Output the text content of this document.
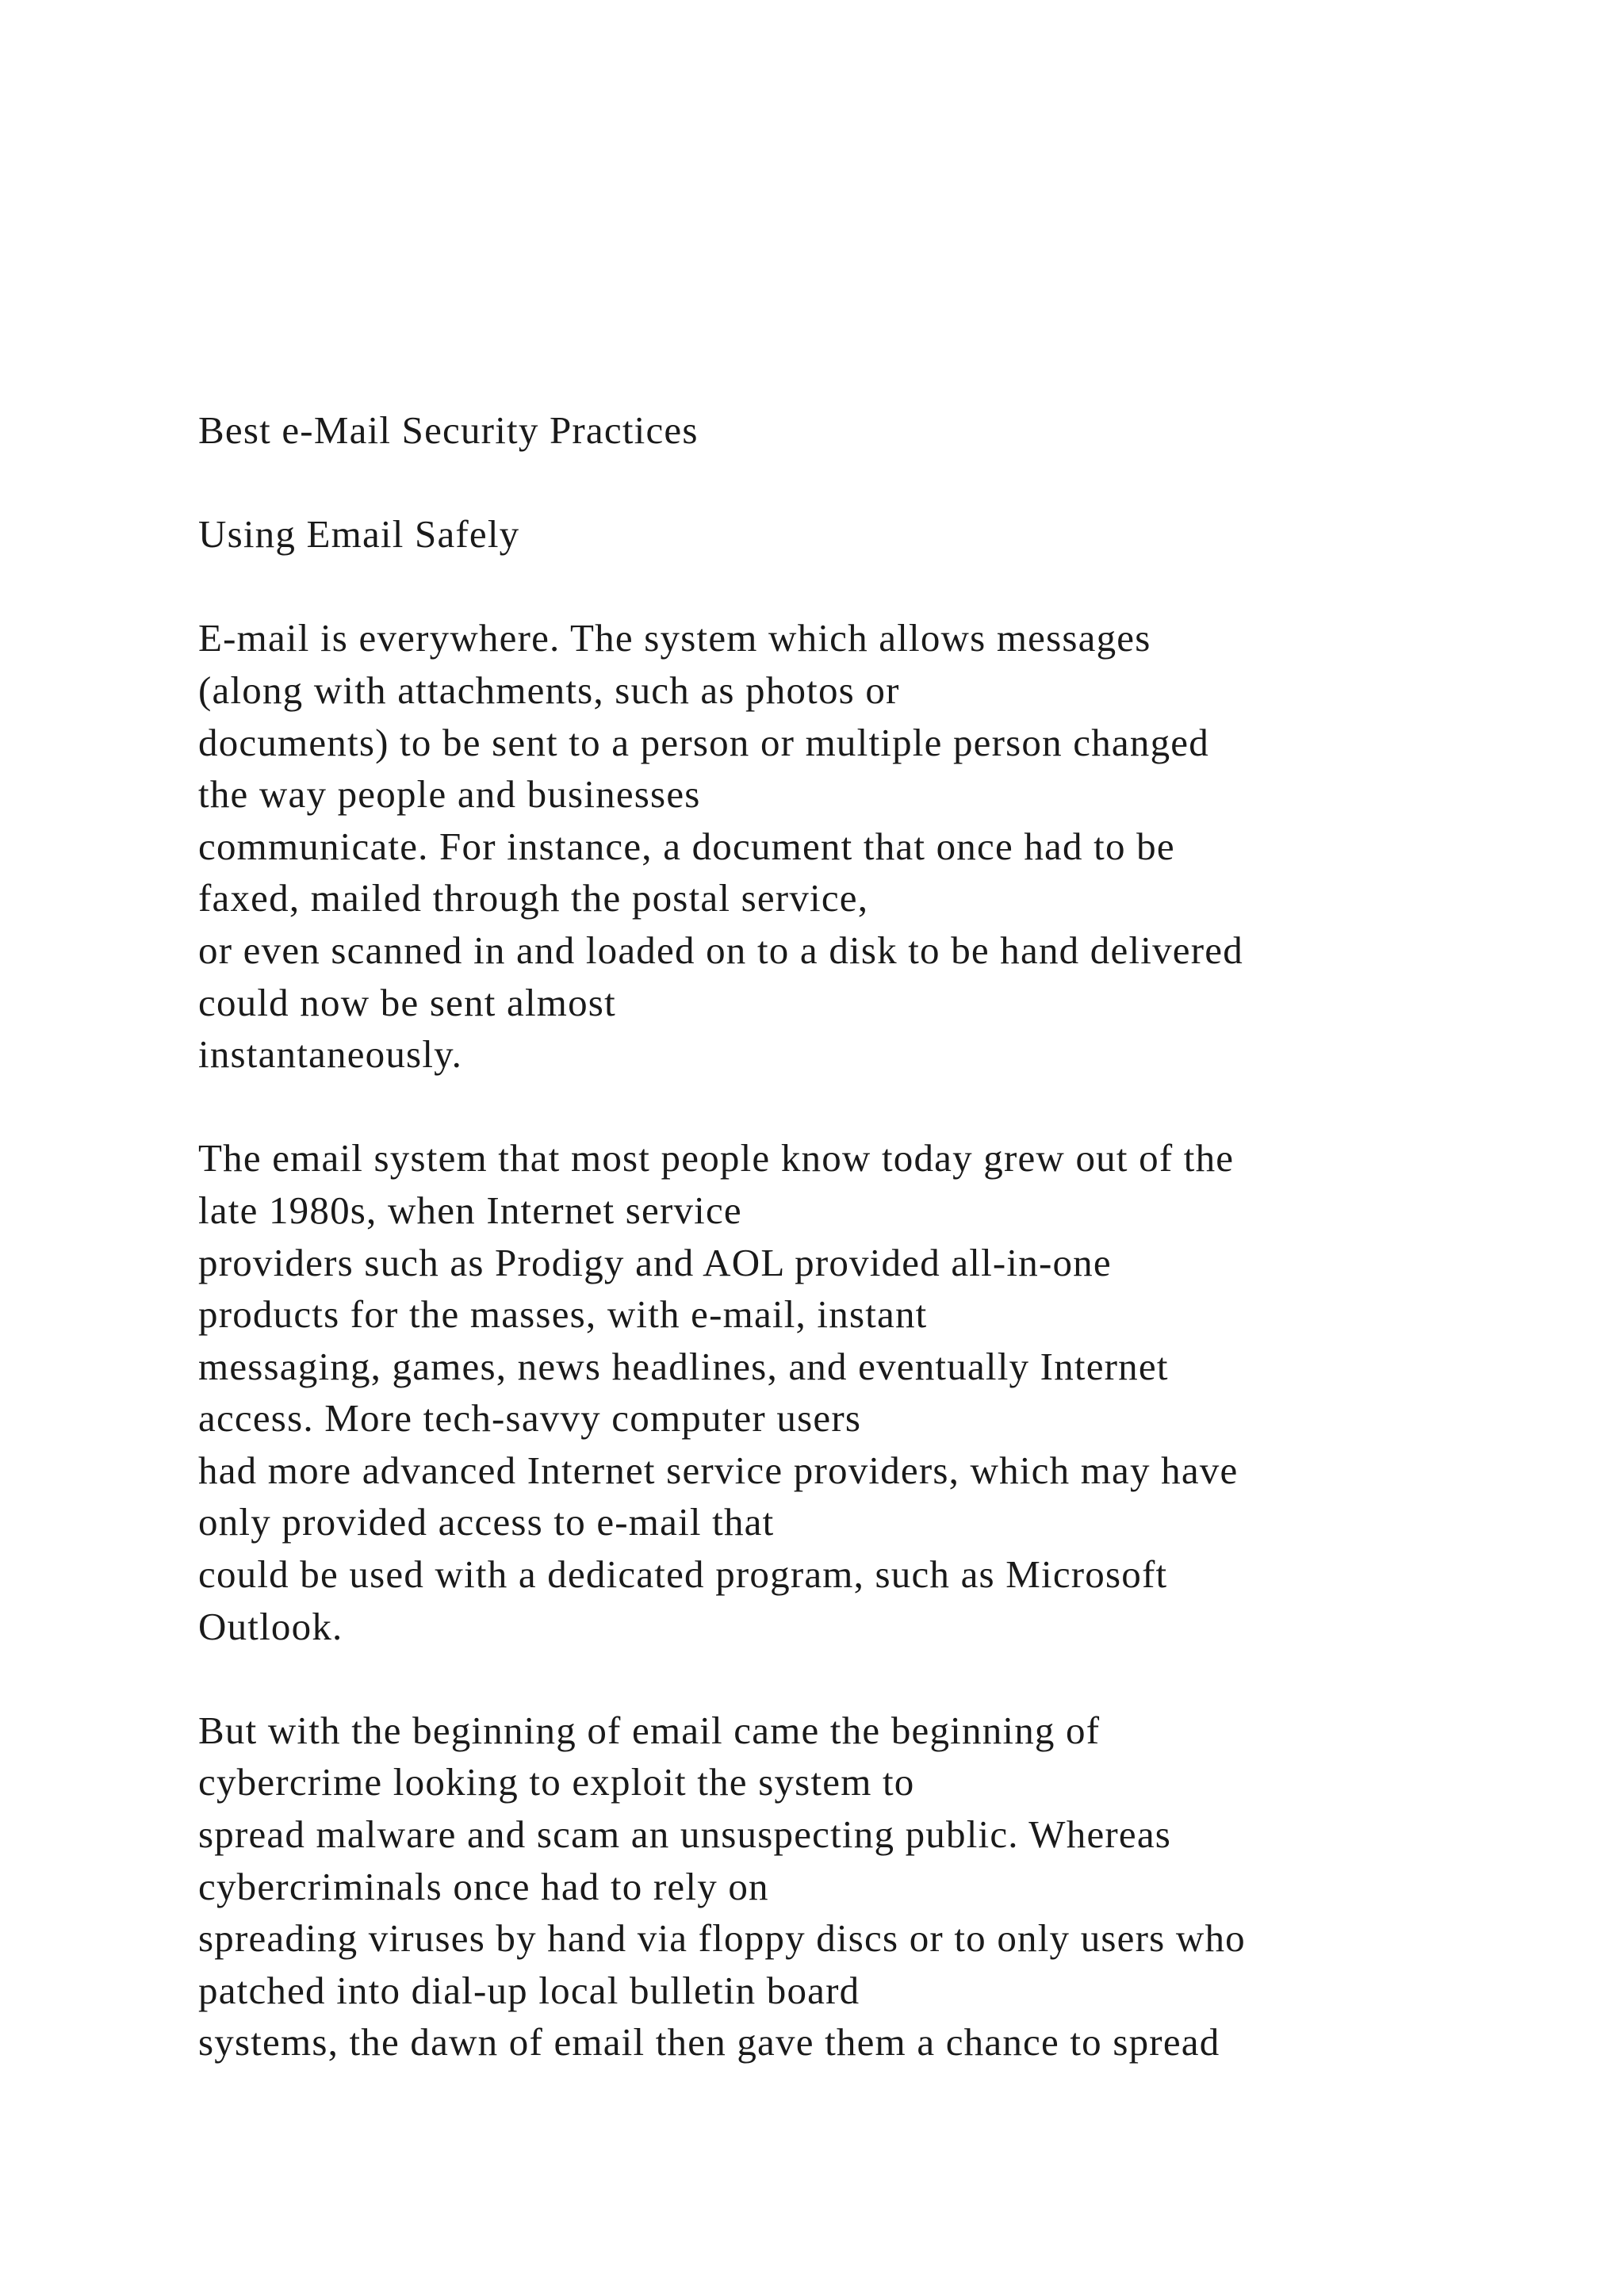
Best e-Mail Security Practices
Using Email Safely
E-mail is everywhere. The system which allows messages
(along with attachments, such as photos or
documents) to be sent to a person or multiple person changed
the way people and businesses
communicate. For instance, a document that once had to be
faxed, mailed through the postal service,
or even scanned in and loaded on to a disk to be hand delivered
could now be sent almost
instantaneously.
The email system that most people know today grew out of the
late 1980s, when Internet service
providers such as Prodigy and AOL provided all-in-one
products for the masses, with e-mail, instant
messaging, games, news headlines, and eventually Internet
access. More tech-savvy computer users
had more advanced Internet service providers, which may have
only provided access to e-mail that
could be used with a dedicated program, such as Microsoft
Outlook.
But with the beginning of email came the beginning of
cybercrime looking to exploit the system to
spread malware and scam an unsuspecting public. Whereas
cybercriminals once had to rely on
spreading viruses by hand via floppy discs or to only users who
patched into dial-up local bulletin board
systems, the dawn of email then gave them a chance to spread
